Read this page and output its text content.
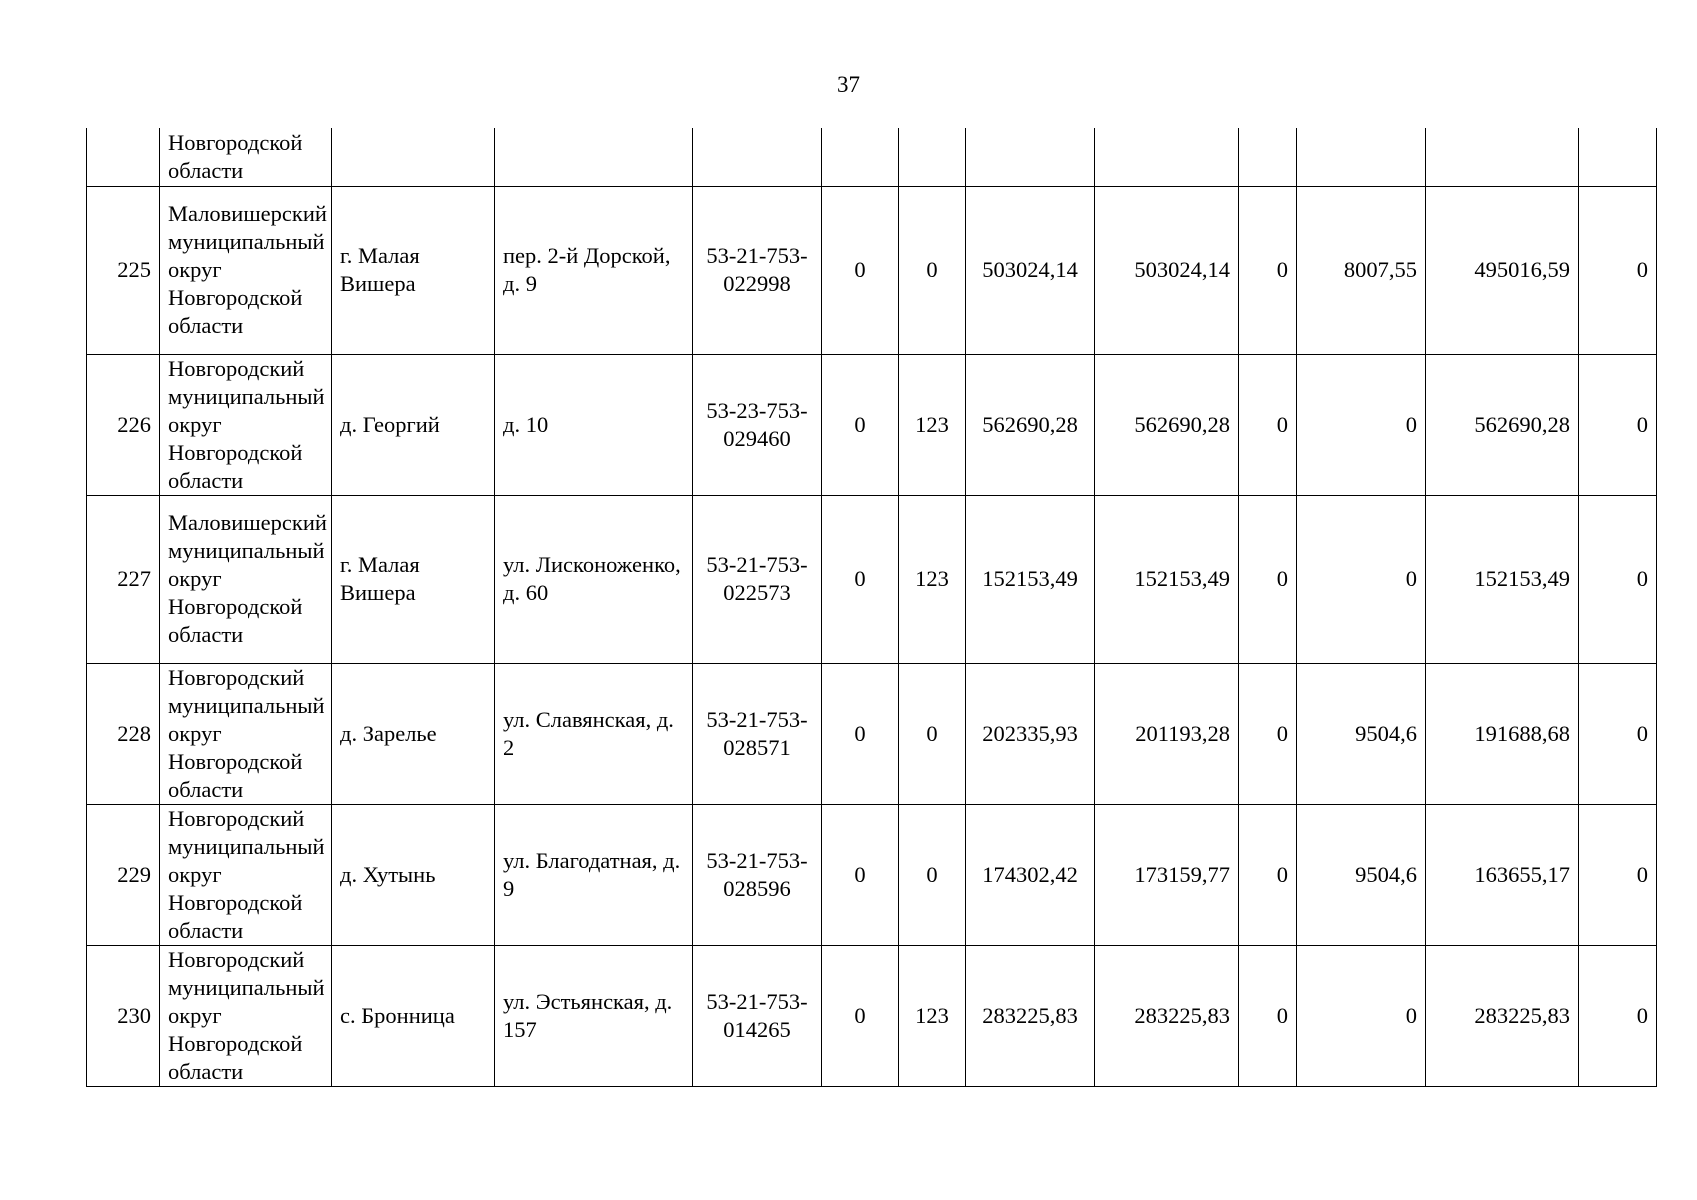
37
	Новгородской области											
225	Маловишерский муниципальный округ Новгородской области	г. Малая Вишера	пер. 2-й Дорской, д. 9	53-21-753-022998	0	0	503024,14	503024,14	0	8007,55	495016,59	0
226	Новгородский муниципальный округ Новгородской области	д. Георгий	д. 10	53-23-753-029460	0	123	562690,28	562690,28	0	0	562690,28	0
227	Маловишерский муниципальный округ Новгородской области	г. Малая Вишера	ул. Лисконоженко, д. 60	53-21-753-022573	0	123	152153,49	152153,49	0	0	152153,49	0
228	Новгородский муниципальный округ Новгородской области	д. Зарелье	ул. Славянская, д. 2	53-21-753-028571	0	0	202335,93	201193,28	0	9504,6	191688,68	0
229	Новгородский муниципальный округ Новгородской области	д. Хутынь	ул. Благодатная, д. 9	53-21-753-028596	0	0	174302,42	173159,77	0	9504,6	163655,17	0
230	Новгородский муниципальный округ Новгородской области	с. Бронница	ул. Эстьянская, д. 157	53-21-753-014265	0	123	283225,83	283225,83	0	0	283225,83	0
